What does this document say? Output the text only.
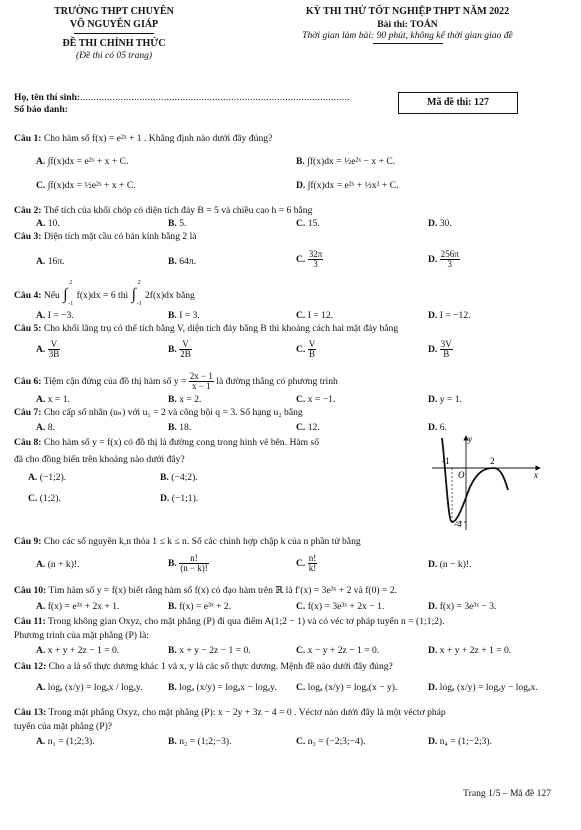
TRƯỜNG THPT CHUYÊN
VÕ NGUYÊN GIÁP
ĐỀ THI CHÍNH THỨC
(Đề thi có 05 trang)
KỲ THI THỬ TỐT NGHIỆP THPT NĂM 2022
Bài thi: TOÁN
Thời gian làm bài: 90 phút, không kể thời gian giao đề
Họ, tên thí sinh:....................................................................................................
Số báo danh:
Mã đề thi: 127
Câu 1: Cho hàm số f(x) = e²ˣ + 1 . Khẳng định nào dưới đây đúng?
A. ∫f(x)dx = e²ˣ + x + C.	B. ∫f(x)dx = ½e²ˣ − x + C.
C. ∫f(x)dx = ½e²ˣ + x + C.	D. ∫f(x)dx = e²ˣ + ½x² + C.
Câu 2: Thể tích của khối chóp có diện tích đáy B = 5 và chiều cao h = 6 bằng
A. 10.	B. 5.	C. 15.	D. 30.
Câu 3: Diện tích mặt cầu có bán kính bằng 2 là
A. 16π.	B. 64π.	C. $\frac{32\pi}{3}$	D. $\frac{256\pi}{3}$
Câu 4: Nếu ∫
2
-1
f(x)dx = 6 thì ∫
2
-1
2f(x)dx bằng
A. I = −3.	B. I = 3.	C. I = 12.	D. I = −12.
Câu 5: Cho khối lăng trụ có thể tích bằng V, diện tích đáy bằng B thì khoảng cách hai mặt đáy bằng
A. $\frac{V}{3B}$	B. $\frac{V}{2B}$	C. $\frac{V}{B}$	D. $\frac{3V}{B}$
Câu 6: Tiệm cận đứng của đồ thị hàm số $y = \frac{2x - 1}{x - 1}$ là đường thẳng có phương trình
A. x = 1.	B. x = 2.	C. x = −1.	D. y = 1.
Câu 7: Cho cấp số nhân (uₙ) với u₁ = 2 và công bội q = 3. Số hạng u₂ bằng
A. 8.	B. 18.	C. 12.	D. 6.
Câu 8: Cho hàm số y = f(x) có đồ thị là đường cong trong hình vẽ bên. Hàm số
đã cho đồng biến trên khoảng nào dưới đây?
A. (−1;2).	B. (−4;2).
C. (1;2).	D. (−1;1).
y
x
O
-1	2
-4
Câu 9: Cho các số nguyên k,n thỏa 1 ≤ k ≤ n. Số các chỉnh hợp chập k của n phần tử bằng
A. (n + k)!.	B. $\frac{n!}{(n - k)!}$	C. $\frac{n!}{k!}$	D. (n − k)!.
Câu 10: Tìm hàm số y = f(x) biết rằng hàm số f(x) có đạo hàm trên ℝ là f′(x) = 3e³ˣ + 2 và f(0) = 2.
A. f(x) = e³ˣ + 2x + 1.	B. f(x) = e³ˣ + 2.	C. f(x) = 3e³ˣ + 2x − 1.	D. f(x) = 3e³ˣ − 3.
Câu 11: Trong không gian Oxyz, cho mặt phẳng (P) đi qua điểm A(1;2 − 1) và có véc tơ pháp tuyến n = (1;1;2).
Phương trình của mặt phẳng (P) là:
A. x + y + 2z − 1 = 0.	B. x + y − 2z − 1 = 0.	C. x − y + 2z − 1 = 0.	D. x + y + 2z + 1 = 0.
Câu 12: Cho a là số thực dương khác 1 và x, y là các số thực dương. Mệnh đề nào dưới đây đúng?
A. logₐ (x/y) = logₐx / logₐy.	B. logₐ (x/y) = logₐx − logₐy. C. logₐ (x/y) = logₐ(x − y).	D. logₐ (x/y) = logₐy − logₐx.
Câu 13: Trong mặt phẳng Oxyz, cho mặt phẳng (P): x − 2y + 3z − 4 = 0 . Véctơ nào dưới đây là một véctơ pháp
tuyến của mặt phẳng (P)?
A. n₁ = (1;2;3).	B. n₂ = (1;2;−3).	C. n₃ = (−2;3;−4).	D. n₄ = (1;−2;3).
Trang 1/5 – Mã đề 127
